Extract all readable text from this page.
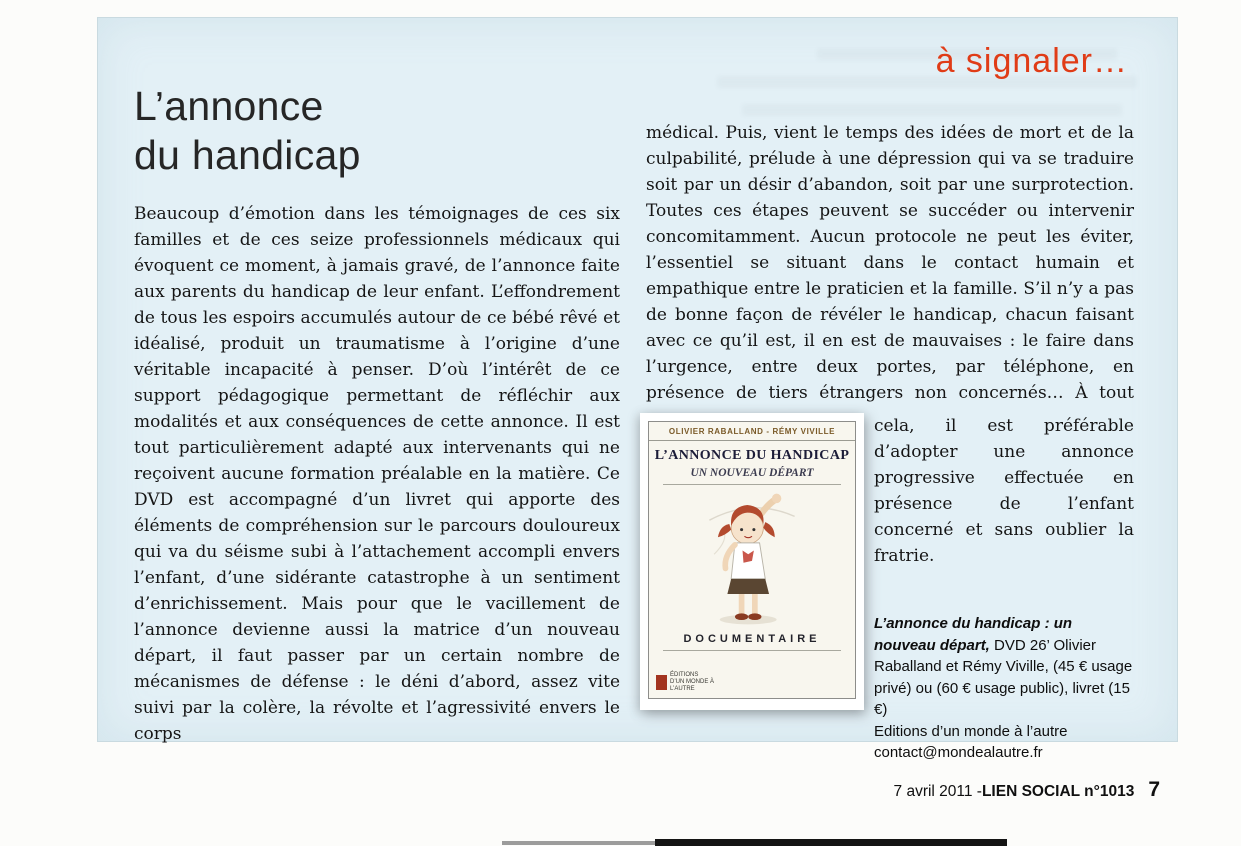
à signaler…
L’annonce
du handicap

Beaucoup d’émotion dans les témoignages de ces six familles et de ces seize professionnels médicaux qui évoquent ce moment, à jamais gravé, de l’annonce faite aux parents du handicap de leur enfant. L’effondrement de tous les espoirs accumulés autour de ce bébé rêvé et idéalisé, produit un traumatisme à l’origine d’une véritable incapacité à penser. D’où l’intérêt de ce support pédagogique permettant de réfléchir aux modalités et aux conséquences de cette annonce. Il est tout particulièrement adapté aux intervenants qui ne reçoivent aucune formation préalable en la matière. Ce DVD est accompagné d’un livret qui apporte des éléments de compréhension sur le parcours douloureux qui va du séisme subi à l’attachement accompli envers l’enfant, d’une sidérante catastrophe à un sentiment d’enrichissement. Mais pour que le vacillement de l’annonce devienne aussi la matrice d’un nouveau départ, il faut passer par un certain nombre de mécanismes de défense : le déni d’abord, assez vite suivi par la colère, la révolte et l’agressivité envers le corps

médical. Puis, vient le temps des idées de mort et de la culpabilité, prélude à une dépression qui va se traduire soit par un désir d’abandon, soit par une surprotection. Toutes ces étapes peuvent se succéder ou intervenir concomitamment. Aucun protocole ne peut les éviter, l’essentiel se situant dans le contact humain et empathique entre le praticien et la famille. S’il n’y a pas de bonne façon de révéler le handicap, chacun faisant avec ce qu’il est, il en est de mauvaises : le faire dans l’urgence, entre deux portes, par téléphone, en présence de tiers étrangers non concernés… À tout

OLIVIER RABALLAND - RÉMY VIVILLE
L’ANNONCE DU HANDICAP
UN NOUVEAU DÉPART
DOCUMENTAIRE
ÉDITIONS D’UN MONDE À L’AUTRE

cela, il est préférable d’adopter une annonce progressive effectuée en présence de l’enfant concerné et sans oublier la fratrie.

L’annonce du handicap : un nouveau départ, DVD 26’ Olivier Raballand et Rémy Viville, (45 € usage privé) ou (60 € usage public), livret (15 €)
Editions d’un monde à l’autre
contact@mondealautre.fr
7 avril 2011 - LIEN SOCIAL n°1013 7
